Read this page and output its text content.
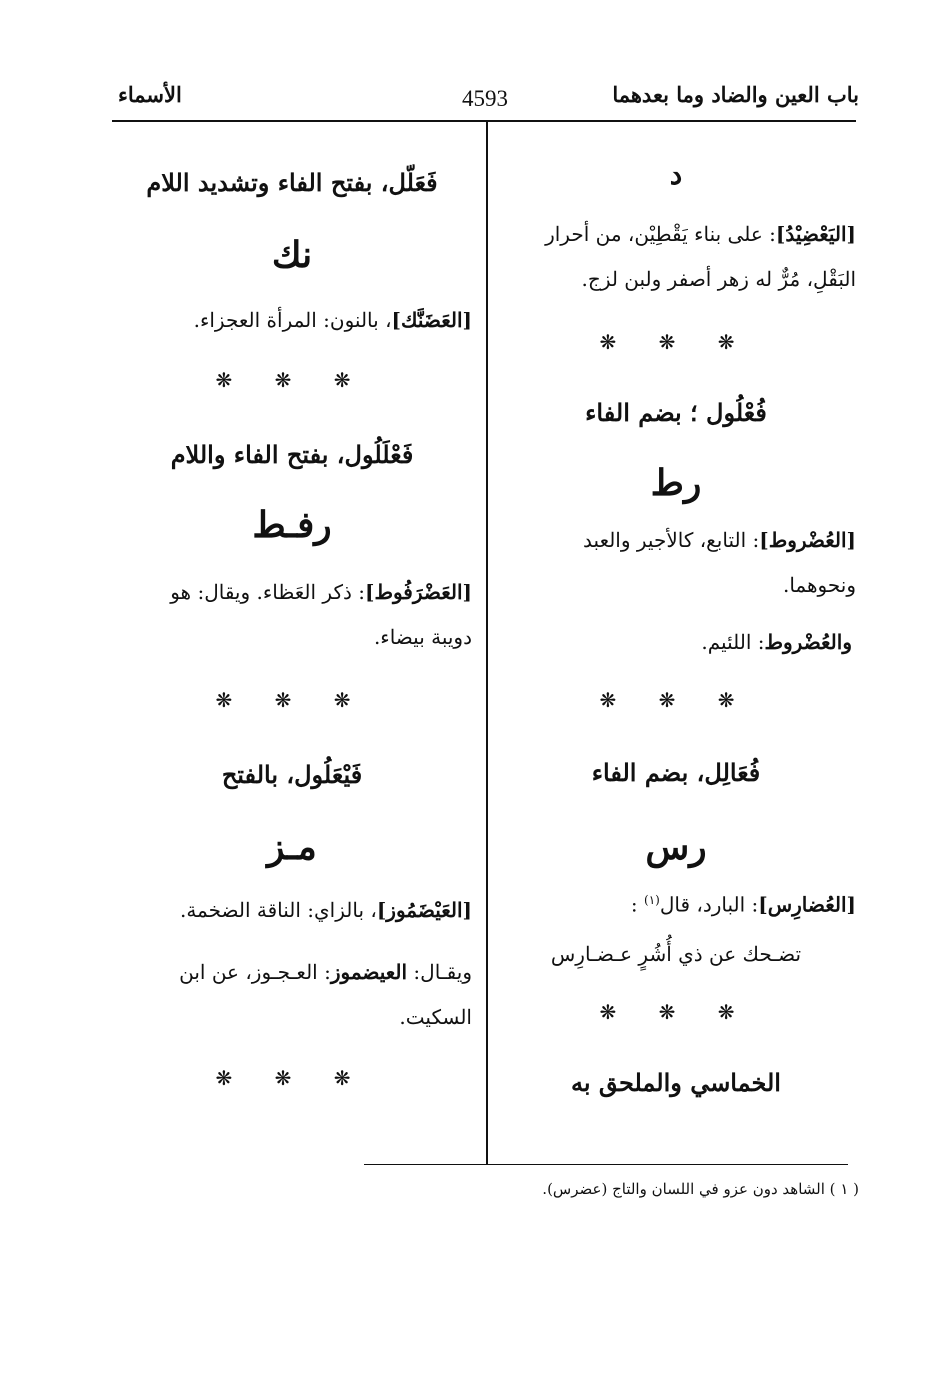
باب العين والضاد وما بعدهما
4593
الأسماء
د
[اليَعْضِيْدُ]: على بناء يَقْطِيْن، من أحرار
البَقْلِ، مُرٌّ له زهر أصفر ولبن لزج.
❋ ❋ ❋
فُعْلُول ؛ بضم الفاء
رط
[العُضْروط]: التابع، كالأجير والعبد
ونحوهما.
والعُضْروط: اللئيم.
❋ ❋ ❋
فُعَالِل، بضم الفاء
رس
[العُضارِس]: البارد، قال$^{(١)}$ :
تضـحك عن ذي أُشُرٍ عـضـارِس
❋ ❋ ❋
الخماسي والملحق به
فَعَلّل، بفتح الفاء وتشديد اللام
نك
[العَضَنَّك]، بالنون: المرأة العجزاء.
❋ ❋ ❋
فَعْلَلُول، بفتح الفاء واللام
رفـط
[العَضْرَفُوط]: ذكر العَظاء. ويقال: هو
دويبة بيضاء.
❋ ❋ ❋
فَيْعَلُول، بالفتح
مـز
[العَيْضَمُوز]، بالزاي: الناقة الضخمة.
ويقـال: العيضموز: العـجـوز، عن ابن
السكيت.
❋ ❋ ❋
( ١ ) الشاهد دون عزو في اللسان والتاج (عضرس).
